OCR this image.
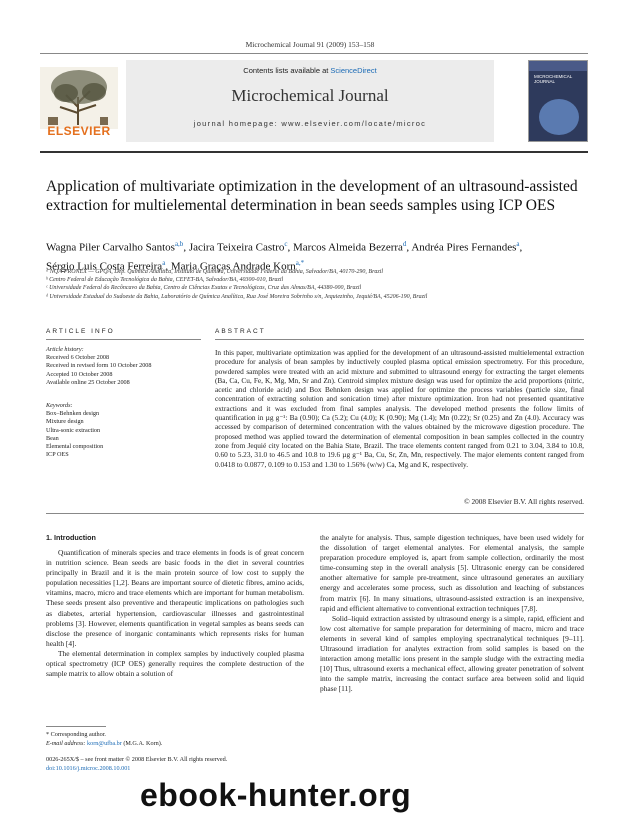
Microchemical Journal 91 (2009) 153–158
ELSEVIER
Contents lists available at ScienceDirect
Microchemical Journal
journal homepage: www.elsevier.com/locate/microc
MICROCHEMICAL JOURNAL
Application of multivariate optimization in the development of an ultrasound-assisted extraction for multielemental determination in bean seeds samples using ICP OES
Wagna Piler Carvalho Santos$^{a,b}$, Jacira Teixeira Castro$^c$, Marcos Almeida Bezerra$^d$, Andréa Pires Fernandes$^a$,
Sérgio Luis Costa Ferreira$^a$, Maria Graças Andrade Korn$^{a,*}$
ᵃ NQA-PRONEX — GPQA, Dep. Química Analítica, Instituto de Química, Universidade Federal da Bahia, Salvador/BA, 40170-290, Brazil
ᵇ Centro Federal de Educação Tecnológica da Bahia, CEFET-BA, Salvador/BA, 40300-010, Brazil
ᶜ Universidade Federal do Recôncavo da Bahia, Centro de Ciências Exatas e Tecnológicas, Cruz das Almas/BA, 44380-000, Brazil
ᵈ Universidade Estadual do Sudoeste da Bahia, Laboratório de Química Analítica, Rua José Moreira Sobrinho s/n, Jequiezinho, Jequié/BA, 45206-190, Brazil
ARTICLE INFO	ABSTRACT
Article history:
Received 6 October 2008
Received in revised form 10 October 2008
Accepted 10 October 2008
Available online 25 October 2008
Keywords:
Box–Behnken design
Mixture design
Ultra-sonic extraction
Bean
Elemental composition
ICP OES
In this paper, multivariate optimization was applied for the development of an ultrasound-assisted multielemental extraction procedure for analysis of bean samples by inductively coupled plasma optical emission spectrometry. For this procedure, powdered samples were treated with an acid mixture and submitted to ultrasound energy for extracting the target elements (Ba, Ca, Cu, Fe, K, Mg, Mn, Sr and Zn). Centroid simplex mixture design was used for optimize the acid proportions (nitric, acetic and chloride acid) and Box Behnken design was applied for optimize the process variables (particle size, final concentration of extracting solution and sonication time) after mixture optimization. Iron had not presented quantitative extractions and it was excluded from final samples analysis. The developed method presents the follow limits of quantification in µg g⁻¹: Ba (0.90); Ca (5.2); Cu (4.0); K (0.90); Mg (1.4); Mn (0.22); Sr (0.25) and Zn (4.0). Accuracy was accessed by comparison of determined concentration with the values obtained by the microwave digestion procedure. The proposed method was applied toward the determination of elemental composition in bean samples collected in the country zone from Jequié city located on the Bahia State, Brazil. The trace elements content ranged from 0.21 to 3.04, 3.84 to 10.8, 0.60 to 5.23, 31.0 to 46.5 and 10.8 to 19.6 µg g⁻¹ Ba, Cu, Sr, Zn, Mn, respectively. The major elements content ranged from 0.0418 to 0.0877, 0.109 to 0.153 and 1.30 to 1.56% (w/w) Ca, Mg and K, respectively.
© 2008 Elsevier B.V. All rights reserved.
1. Introduction

Quantification of minerals species and trace elements in foods is of great concern in nutrition science. Bean seeds are basic foods in the diet in several countries principally in Brazil and it is the main protein source of low cost to supply the population necessities [1,2]. Beans are important source of dietetic fibres, amino acids, vitamins, macro, micro and trace elements which are important for human metabolism. These seeds present also preventive and therapeutic implications on pathologies such as diabetes, arterial hypertension, cardiovascular illnesses and gastrointestinal problems [3]. However, elements quantification in vegetal samples as beans seeds can disclose the presence of inorganic contaminants which represents risks for human health [4].

The elemental determination in complex samples by inductively coupled plasma optical spectrometry (ICP OES) generally requires the complete destruction of the sample matrix to allow obtain a solution of

the analyte for analysis. Thus, sample digestion techniques, have been used widely for the dissolution of target elemental analytes. For elemental analysis, the sample preparation procedure employed is, apart from sample collection, ordinarily the most time-consuming step in the overall analysis [5]. Ultrasonic energy can be considered another alternative for sample pre-treatment, since ultrasound generates an auxiliary energy and accelerates some process, such as dissolution and leaching of substances from matrix [6]. In many situations, ultrasound-assisted extraction is an inexpensive, rapid and efficient alternative to conventional extraction techniques [7,8].

Solid–liquid extraction assisted by ultrasound energy is a simple, rapid, efficient and low cost alternative for sample preparation for determining of macro, micro and trace elements in several kind of samples employing spectranalytical techniques [9–11]. Ultrasound irradiation for analytes extraction from solid samples is based on the interaction among metallic ions present in the sample sludge with the extracting media [10] Thus, ultrasound exerts a mechanical effect, allowing greater penetration of solvent into the sample matrix, increasing the contact surface area between solid and liquid phase [11].

* Corresponding author.
E-mail address: korn@ufba.br (M.G.A. Korn).
0026-265X/$ – see front matter © 2008 Elsevier B.V. All rights reserved.
doi:10.1016/j.microc.2008.10.001
ebook-hunter.org
